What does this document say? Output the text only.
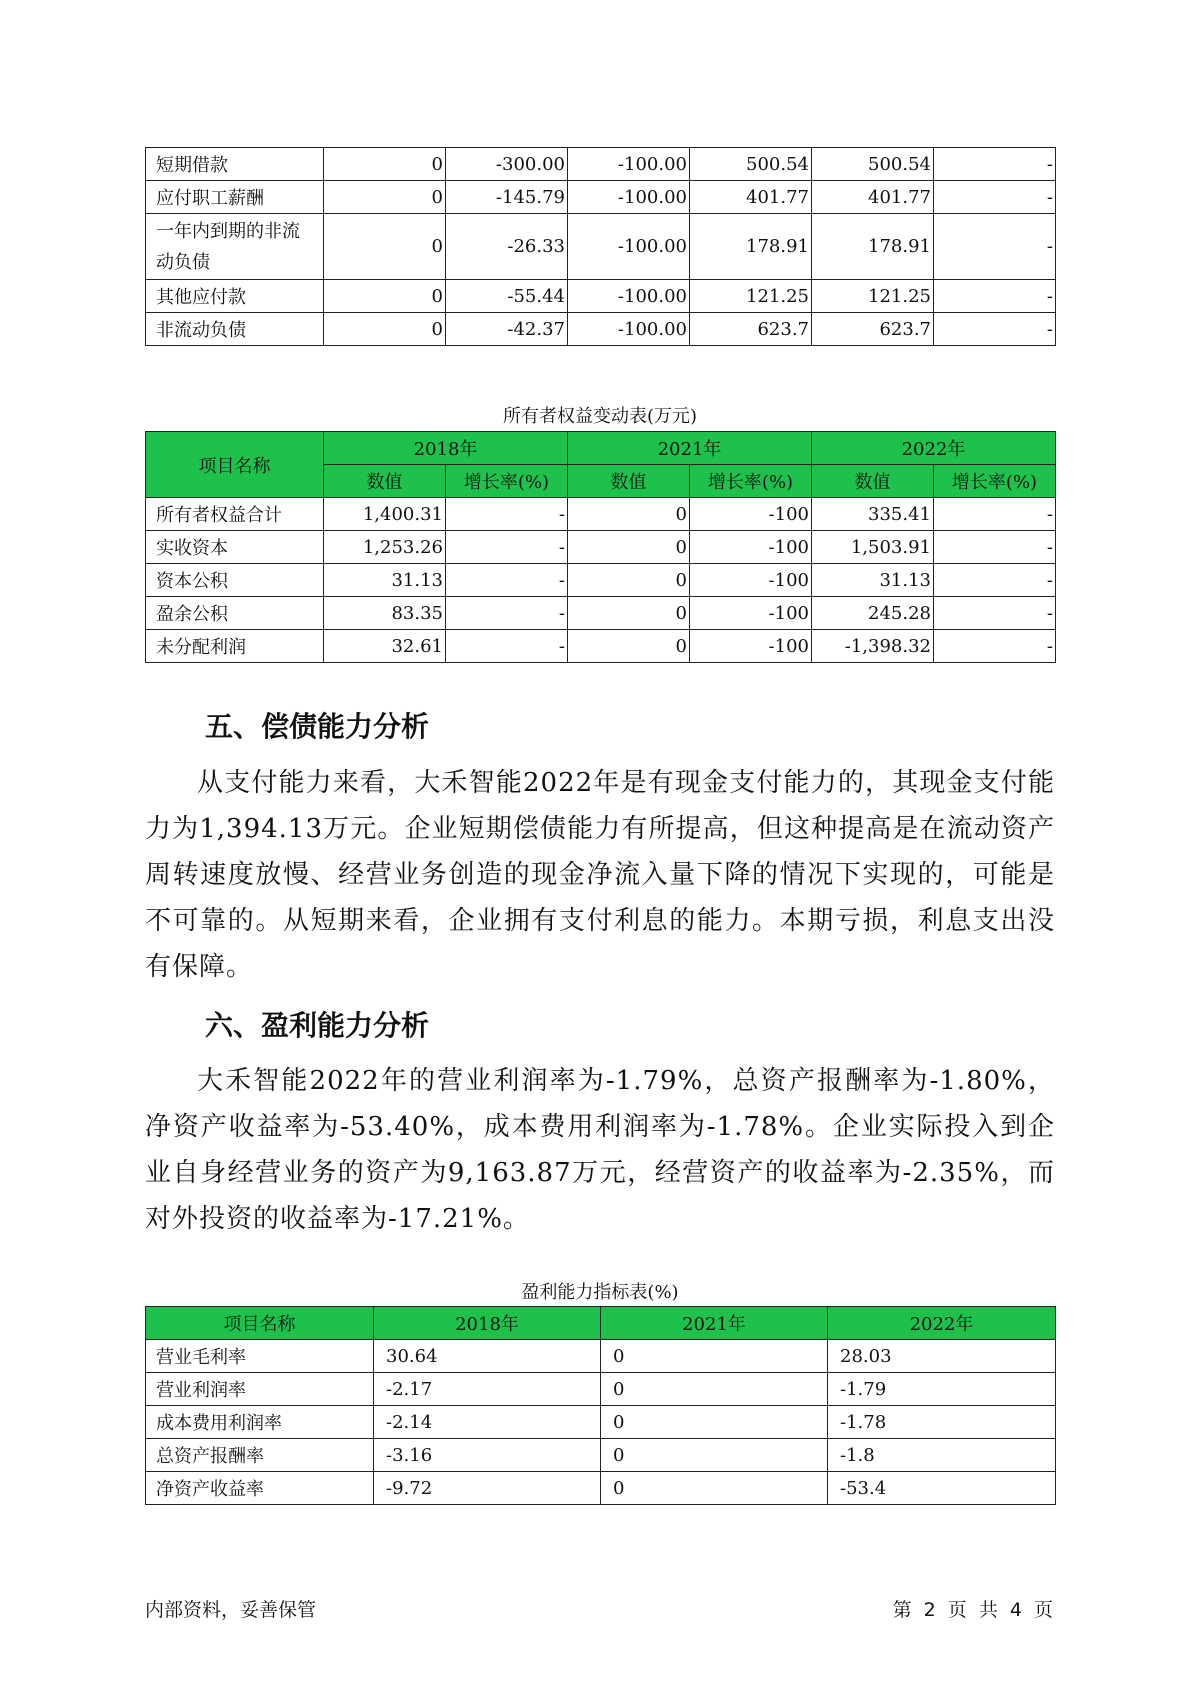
短期借款	0	-300.00	-100.00	500.54	500.54	-
应付职工薪酬	0	-145.79	-100.00	401.77	401.77	-
一年内到期的非流动负债	0	-26.33	-100.00	178.91	178.91	-
其他应付款	0	-55.44	-100.00	121.25	121.25	-
非流动负债	0	-42.37	-100.00	623.7	623.7	-
所有者权益变动表(万元)
项目名称	2018年		2021年		2022年	
	数值	增长率(%)	数值	增长率(%)	数值	增长率(%)
所有者权益合计	1,400.31	-	0	-100	335.41	-
实收资本	1,253.26	-	0	-100	1,503.91	-
资本公积	31.13	-	0	-100	31.13	-
盈余公积	83.35	-	0	-100	245.28	-
未分配利润	32.61	-	0	-100	-1,398.32	-
五、偿债能力分析

从支付能力来看，大禾智能2022年是有现金支付能力的，其现金支付能力为1,394.13万元。企业短期偿债能力有所提高，但这种提高是在流动资产周转速度放慢、经营业务创造的现金净流入量下降的情况下实现的，可能是不可靠的。从短期来看，企业拥有支付利息的能力。本期亏损，利息支出没有保障。

六、盈利能力分析

大禾智能2022年的营业利润率为-1.79%，总资产报酬率为-1.80%，净资产收益率为-53.40%，成本费用利润率为-1.78%。企业实际投入到企业自身经营业务的资产为9,163.87万元，经营资产的收益率为-2.35%，而对外投资的收益率为-17.21%。

盈利能力指标表(%)
项目名称	2018年	2021年	2022年
营业毛利率	30.64	0	28.03
营业利润率	-2.17	0	-1.79
成本费用利润率	-2.14	0	-1.78
总资产报酬率	-3.16	0	-1.8
净资产收益率	-9.72	0	-53.4
内部资料，妥善保管	第 2 页 共 4 页
